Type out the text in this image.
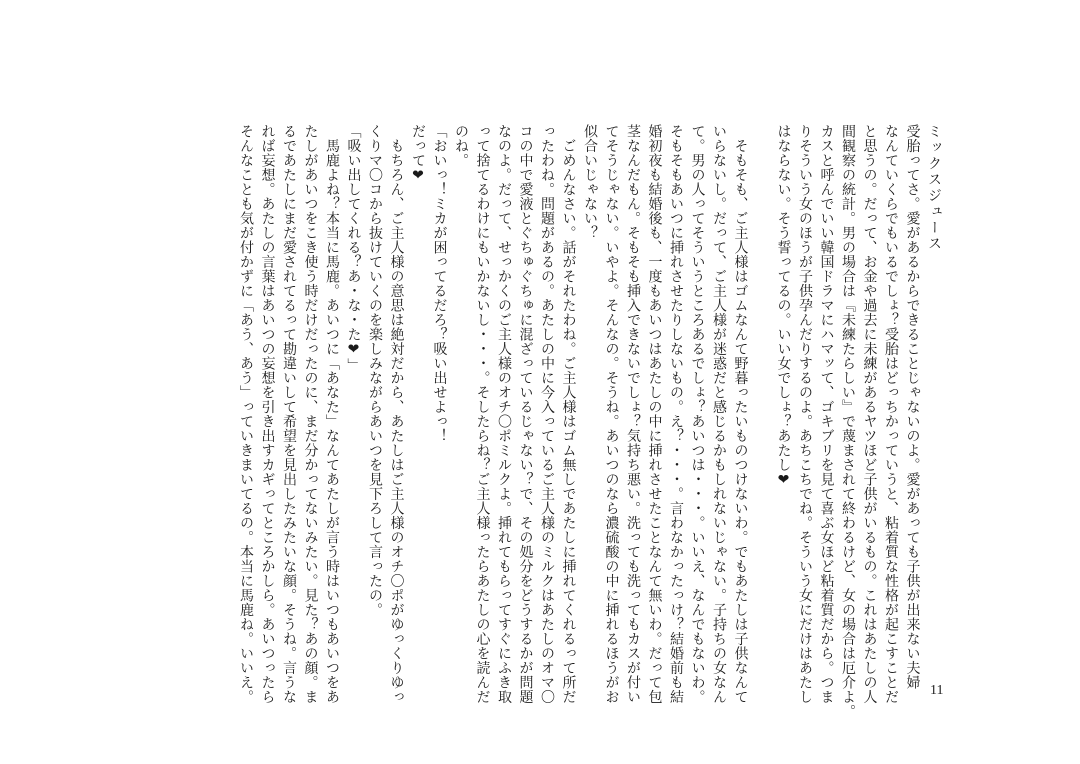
ミックスジュース

受胎ってさ。愛があるからできることじゃないのよ。愛があっても子供が出来ない夫婦
なんていくらでもいるでしょ？受胎はどっちかっていうと、粘着質な性格が起こすことだ
と思うの。だって、お金や過去に未練があるヤツほど子供がいるもの。これはあたしの人
間観察の統計。男の場合は『未練たらしい』で蔑まされて終わるけど、女の場合は厄介よ。
カスと呼んでいい韓国ドラマにハマッて、ゴキブリを見て喜ぶ女ほど粘着質だから。つま
りそういう女のほうが子供孕んだりするのよ。あちこちでね。そういう女にだけはあたし
はならない。そう誓ってるの。いい女でしょ？あたし❤

　そもそも、ご主人様はゴムなんて野暮ったいものつけないわ。でもあたしは子供なんて
いらないし。だって、ご主人様が迷惑だと感じるかもしれないじゃない。子持ちの女なん
て。男の人ってそういうところあるでしょ？あいつは・・・。いいえ、なんでもないわ。
そもそもあいつに挿れさせたりしないもの。え？・・・。言わなかったっけ？結婚前も結
婚初夜も結婚後も、一度もあいつはあたしの中に挿れさせたことなんて無いわ。だって包
茎なんだもん。そもそも挿入できないでしょ？気持ち悪い。洗っても洗ってもカスが付い
てそうじゃない。いやよ。そんなの。そうね。あいつのなら濃硫酸の中に挿れるほうがお
似合いじゃない？
　ごめんなさい。話がそれたわね。ご主人様はゴム無しであたしに挿れてくれるって所だ
ったわね。問題があるの。あたしの中に今入っているご主人様のミルクはあたしのオマ〇
コの中で愛液とぐちゅぐちゅに混ざっているじゃない？で、その処分をどうするかが問題
なのよ。だって、せっかくのご主人様のオチ〇ポミルクよ。挿れてもらってすぐにふき取
って捨てるわけにもいかないし・・・。そしたらね？ご主人様ったらあたしの心を読んだ
のね。
「おいっ！ミカが困ってるだろ？吸い出せよっ！
だって❤
　もちろん、ご主人様の意思は絶対だから、あたしはご主人様のオチ〇ポがゆっくりゆっ
くりマ〇コから抜けていくのを楽しみながらあいつを見下ろして言ったの。
「吸い出してくれる？あ・な・た❤」
　馬鹿よね？本当に馬鹿。あいつに「あなた」なんてあたしが言う時はいつもあいつをあ
たしがあいつをこき使う時だけだったのに、まだ分かってないみたい。見た？あの顔。ま
るであたしにまだ愛されてるって勘違いして希望を見出したみたいな顔。そうね。言うな
れば妄想。あたしの言葉はあいつの妄想を引き出すカギってところかしら。あいつったら
そんなことも気が付かずに「あう、あう」っていきまいてるの。本当に馬鹿ね。いいえ。	11
